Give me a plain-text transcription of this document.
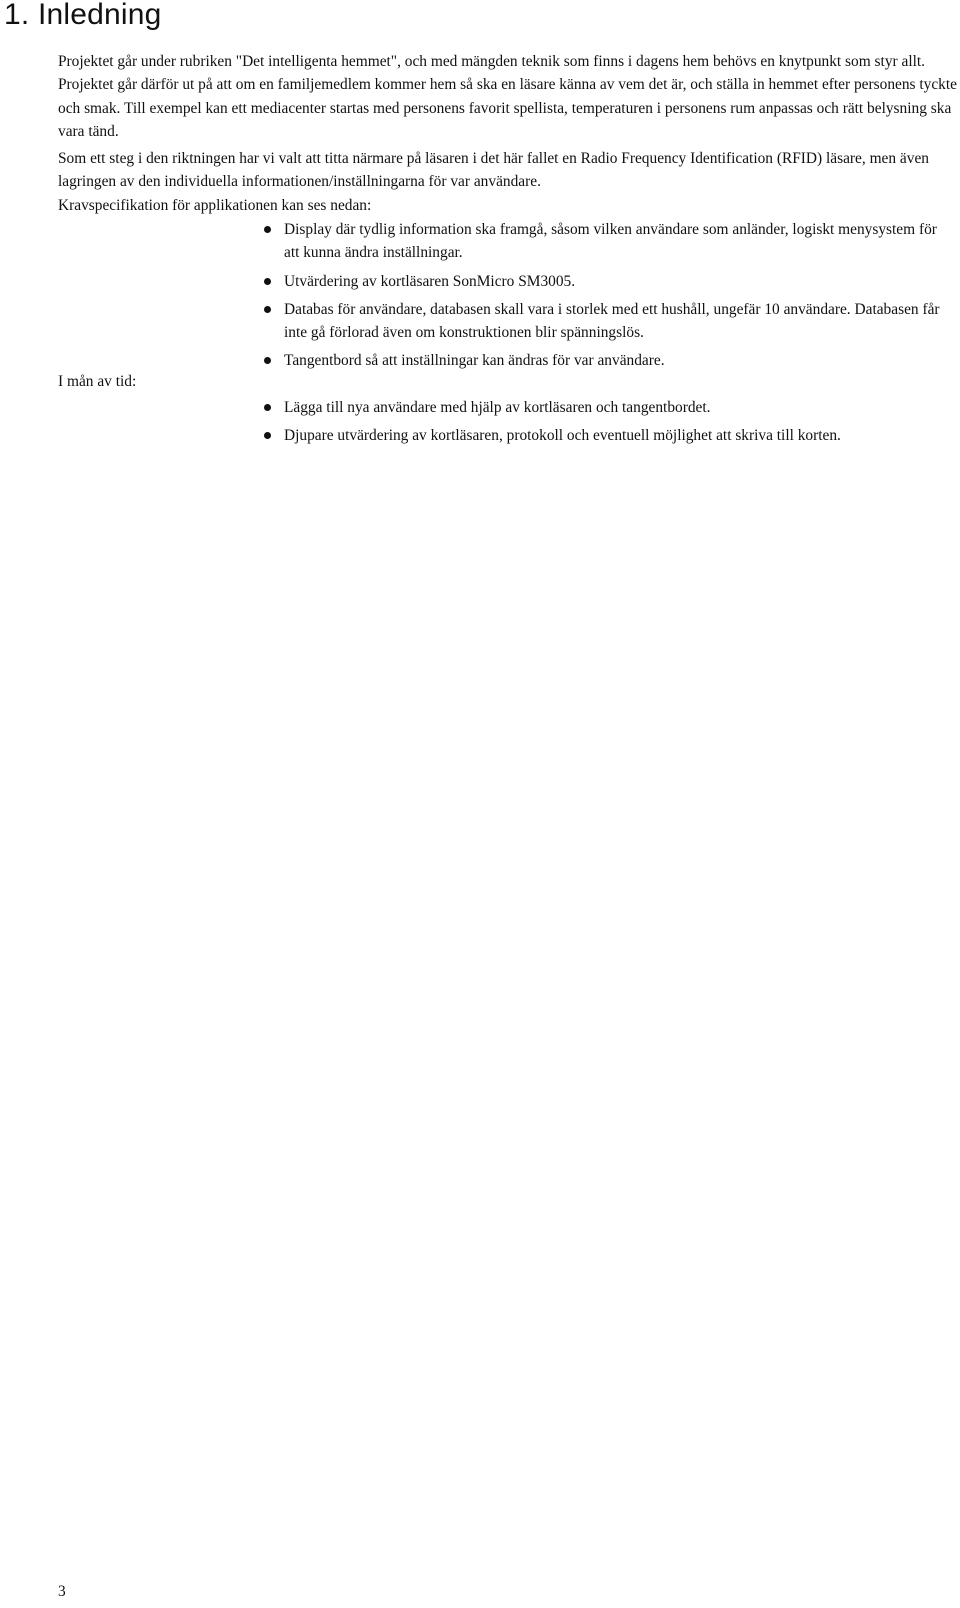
1. Inledning

Projektet går under rubriken "Det intelligenta hemmet", och med mängden teknik som finns i dagens hem behövs en knytpunkt som styr allt. Projektet går därför ut på att om en familjemedlem kommer hem så ska en läsare känna av vem det är, och ställa in hemmet efter personens tyckte och smak. Till exempel kan ett mediacenter startas med personens favorit spellista, temperaturen i personens rum anpassas och rätt belysning ska vara tänd.

Som ett steg i den riktningen har vi valt att titta närmare på läsaren i det här fallet en Radio Frequency Identification (RFID) läsare, men även lagringen av den individuella informationen/inställningarna för var användare.

Kravspecifikation för applikationen kan ses nedan:

Display där tydlig information ska framgå, såsom vilken användare som anländer, logiskt menysystem för att kunna ändra inställningar.
Utvärdering av kortläsaren SonMicro SM3005.
Databas för användare, databasen skall vara i storlek med ett hushåll, ungefär 10 användare. Databasen får inte gå förlorad även om konstruktionen blir spänningslös.
Tangentbord så att inställningar kan ändras för var användare.

I mån av tid:

Lägga till nya användare med hjälp av kortläsaren och tangentbordet.
Djupare utvärdering av kortläsaren, protokoll och eventuell möjlighet att skriva till korten.

3
